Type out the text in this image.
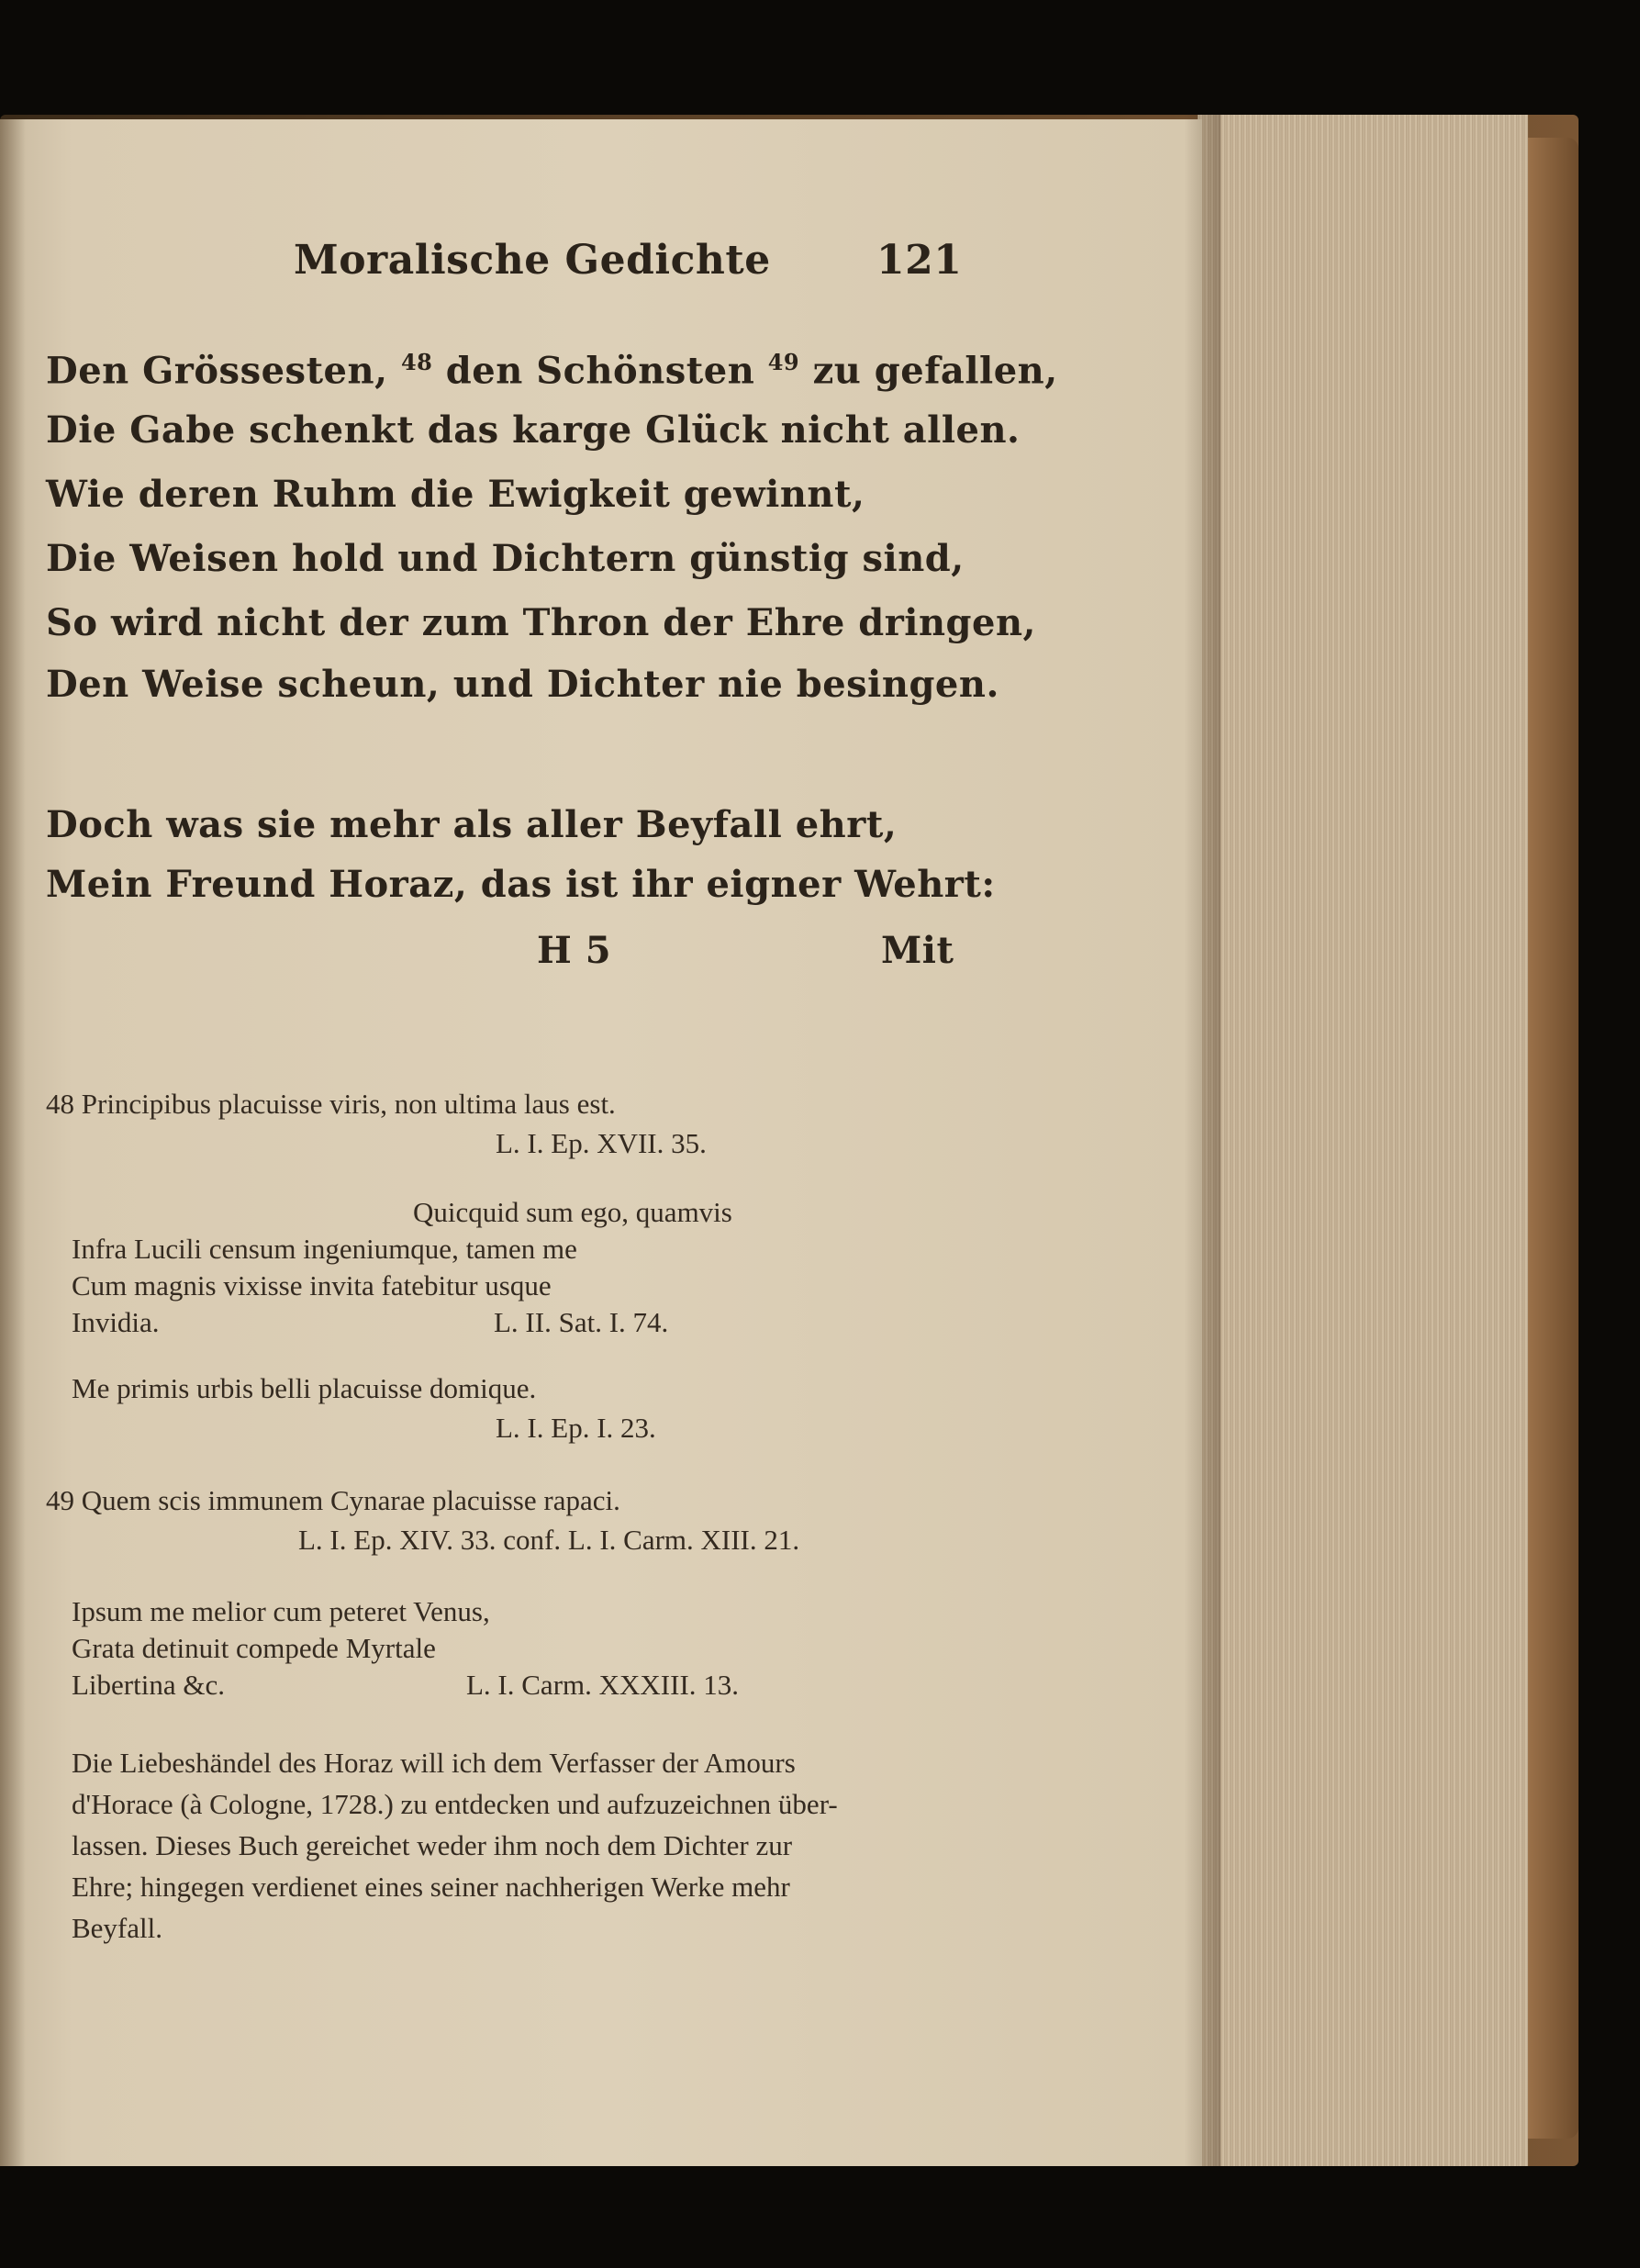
Moralische Gedichte	121
Den Grössesten, $^{48}$ den Schönsten $^{49}$ zu gefallen,
Die Gabe schenkt das karge Glück nicht allen.
Wie deren Ruhm die Ewigkeit gewinnt,
Die Weisen hold und Dichtern günstig sind,
So wird nicht der zum Thron der Ehre dringen,
Den Weise scheun, und Dichter nie besingen.
Doch was sie mehr als aller Beyfall ehrt,
Mein Freund Horaz, das ist ihr eigner Wehrt:
H 5	Mit
48 Principibus placuisse viris, non ultima laus est.
L. I. Ep. XVII. 35.
Quicquid sum ego, quamvis
Infra Lucili censum ingeniumque, tamen me
Cum magnis vixisse invita fatebitur usque
Invidia.	L. II. Sat. I. 74.
Me primis urbis belli placuisse domique.
L. I. Ep. I. 23.
49 Quem scis immunem Cynarae placuisse rapaci.
L. I. Ep. XIV. 33. conf. L. I. Carm. XIII. 21.
Ipsum me melior cum peteret Venus,
Grata detinuit compede Myrtale
Libertina &c.	L. I. Carm. XXXIII. 13.
Die Liebeshändel des Horaz will ich dem Verfasser der Amours
d'Horace (à Cologne, 1728.) zu entdecken und aufzuzeichnen über-
lassen. Dieses Buch gereichet weder ihm noch dem Dichter zur
Ehre; hingegen verdienet eines seiner nachherigen Werke mehr
Beyfall.
